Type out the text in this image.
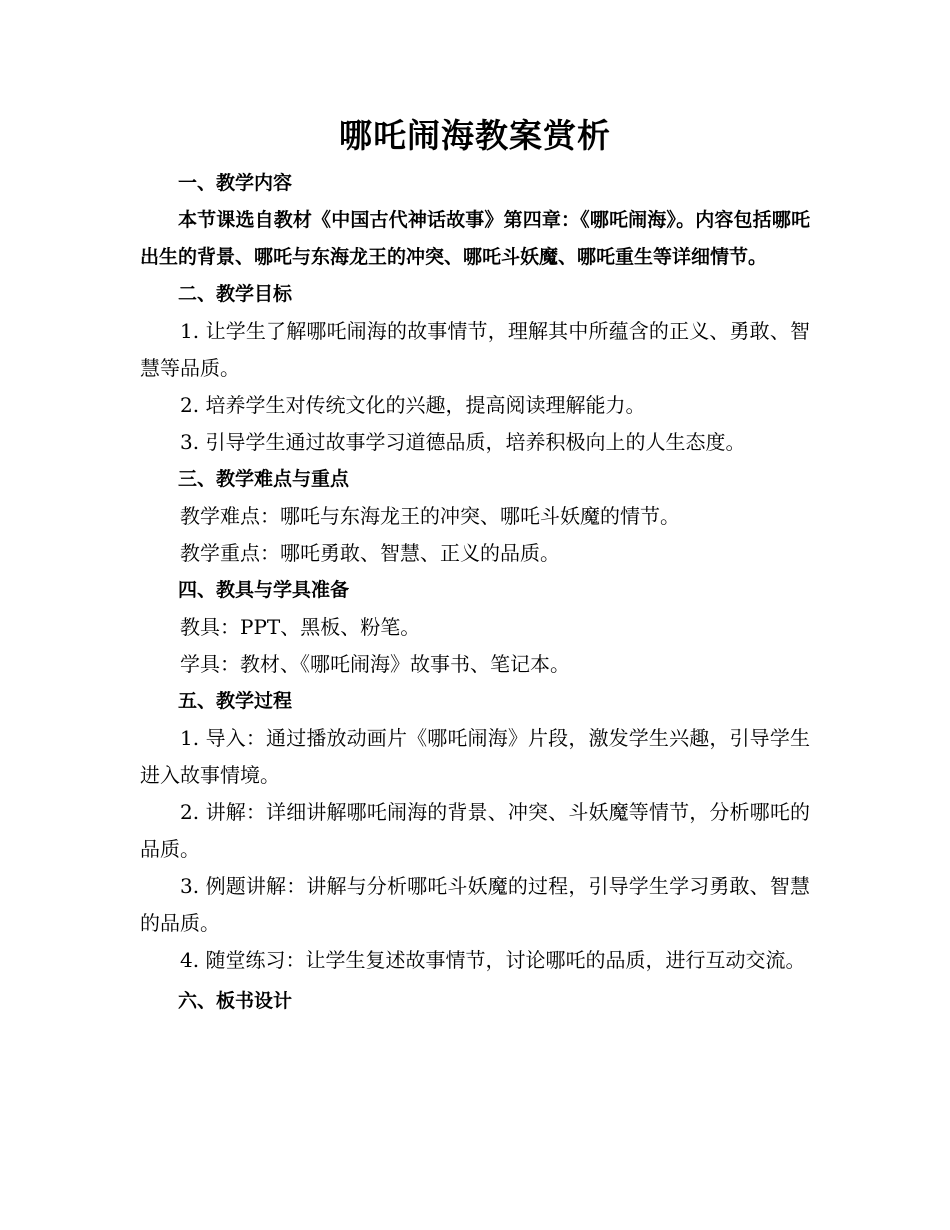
哪吒闹海教案赏析

一、教学内容

本节课选自教材《中国古代神话故事》第四章：《哪吒闹海》。内容包括哪吒出生的背景、哪吒与东海龙王的冲突、哪吒斗妖魔、哪吒重生等详细情节。

二、教学目标

1. 让学生了解哪吒闹海的故事情节，理解其中所蕴含的正义、勇敢、智慧等品质。

2. 培养学生对传统文化的兴趣，提高阅读理解能力。

3. 引导学生通过故事学习道德品质，培养积极向上的人生态度。

三、教学难点与重点

教学难点：哪吒与东海龙王的冲突、哪吒斗妖魔的情节。

教学重点：哪吒勇敢、智慧、正义的品质。

四、教具与学具准备

教具：PPT、黑板、粉笔。

学具：教材、《哪吒闹海》故事书、笔记本。

五、教学过程

1. 导入：通过播放动画片《哪吒闹海》片段，激发学生兴趣，引导学生进入故事情境。

2. 讲解：详细讲解哪吒闹海的背景、冲突、斗妖魔等情节，分析哪吒的品质。

3. 例题讲解：讲解与分析哪吒斗妖魔的过程，引导学生学习勇敢、智慧的品质。

4. 随堂练习：让学生复述故事情节，讨论哪吒的品质，进行互动交流。

六、板书设计
